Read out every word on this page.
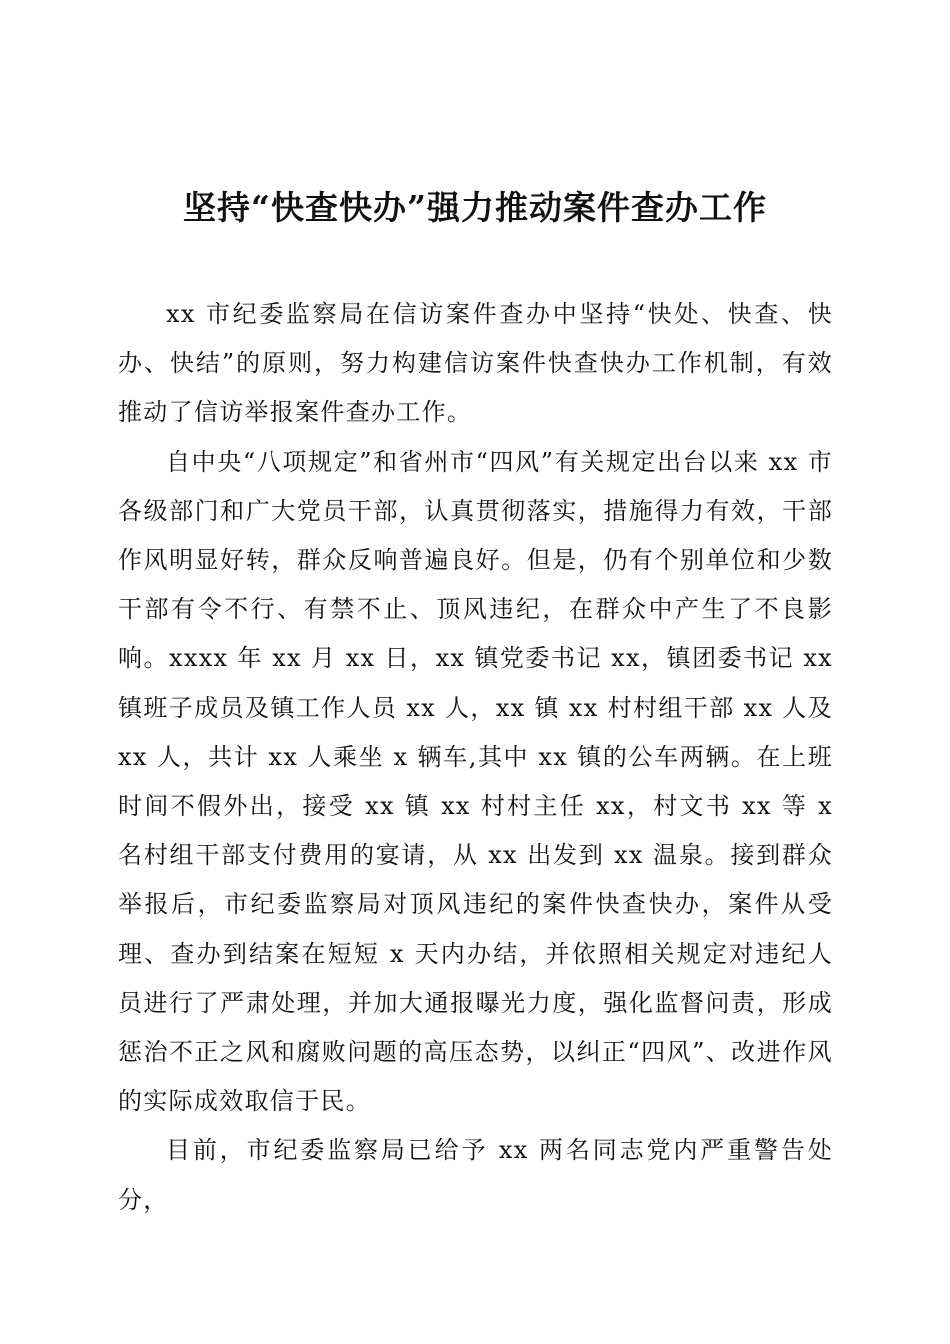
坚持“快查快办”强力推动案件查办工作

xx 市纪委监察局在信访案件查办中坚持“快处、快查、快办、快结”的原则，努力构建信访案件快查快办工作机制，有效推动了信访举报案件查办工作。

自中央“八项规定”和省州市“四风”有关规定出台以来 xx 市各级部门和广大党员干部，认真贯彻落实，措施得力有效，干部作风明显好转，群众反响普遍良好。但是，仍有个别单位和少数干部有令不行、有禁不止、顶风违纪，在群众中产生了不良影响。xxxx 年 xx 月 xx 日，xx 镇党委书记 xx，镇团委书记 xx 镇班子成员及镇工作人员 xx 人，xx 镇 xx 村村组干部 xx 人及 xx 人，共计 xx 人乘坐 x 辆车,其中 xx 镇的公车两辆。在上班时间不假外出，接受 xx 镇 xx 村村主任 xx，村文书 xx 等 x 名村组干部支付费用的宴请，从 xx 出发到 xx 温泉。接到群众举报后，市纪委监察局对顶风违纪的案件快查快办，案件从受理、查办到结案在短短 x 天内办结，并依照相关规定对违纪人员进行了严肃处理，并加大通报曝光力度，强化监督问责，形成惩治不正之风和腐败问题的高压态势，以纠正“四风”、改进作风的实际成效取信于民。

目前，市纪委监察局已给予 xx 两名同志党内严重警告处分，
